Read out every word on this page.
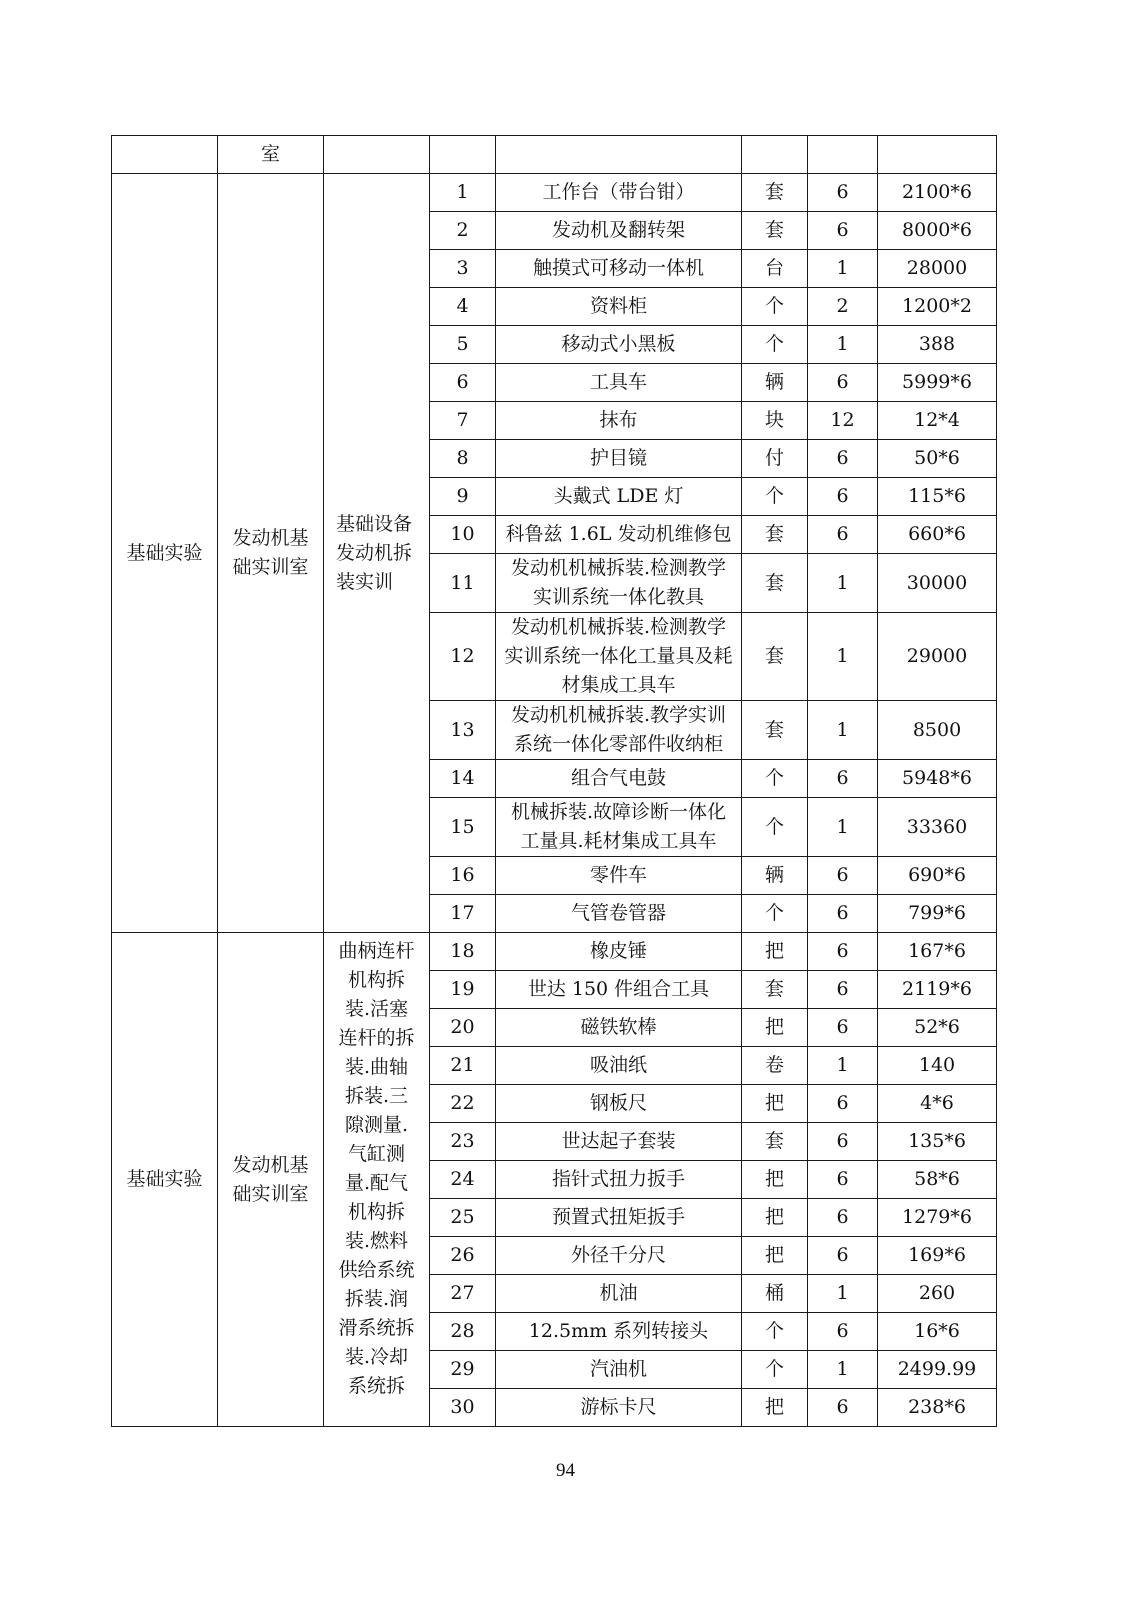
	室						
基础实验	发动机基础实训室	基础设备发动机拆装实训	1	工作台（带台钳）	套	6	2100*6
			2	发动机及翻转架	套	6	8000*6
			3	触摸式可移动一体机	台	1	28000
			4	资料柜	个	2	1200*2
			5	移动式小黑板	个	1	388
			6	工具车	辆	6	5999*6
			7	抹布	块	12	12*4
			8	护目镜	付	6	50*6
			9	头戴式 LDE 灯	个	6	115*6
			10	科鲁兹 1.6L 发动机维修包	套	6	660*6
			11	发动机机械拆装.检测教学实训系统一体化教具	套	1	30000
			12	发动机机械拆装.检测教学实训系统一体化工量具及耗材集成工具车	套	1	29000
			13	发动机机械拆装.教学实训系统一体化零部件收纳柜	套	1	8500
			14	组合气电鼓	个	6	5948*6
			15	机械拆装.故障诊断一体化工量具.耗材集成工具车	个	1	33360
			16	零件车	辆	6	690*6
			17	气管卷管器	个	6	799*6
基础实验	发动机基础实训室	曲柄连杆机构拆装.活塞连杆的拆装.曲轴拆装.三隙测量.气缸测量.配气机构拆装.燃料供给系统拆装.润滑系统拆装.冷却系统拆	18	橡皮锤	把	6	167*6
			19	世达 150 件组合工具	套	6	2119*6
			20	磁铁软棒	把	6	52*6
			21	吸油纸	卷	1	140
			22	钢板尺	把	6	4*6
			23	世达起子套装	套	6	135*6
			24	指针式扭力扳手	把	6	58*6
			25	预置式扭矩扳手	把	6	1279*6
			26	外径千分尺	把	6	169*6
			27	机油	桶	1	260
			28	12.5mm 系列转接头	个	6	16*6
			29	汽油机	个	1	2499.99
			30	游标卡尺	把	6	238*6
94
